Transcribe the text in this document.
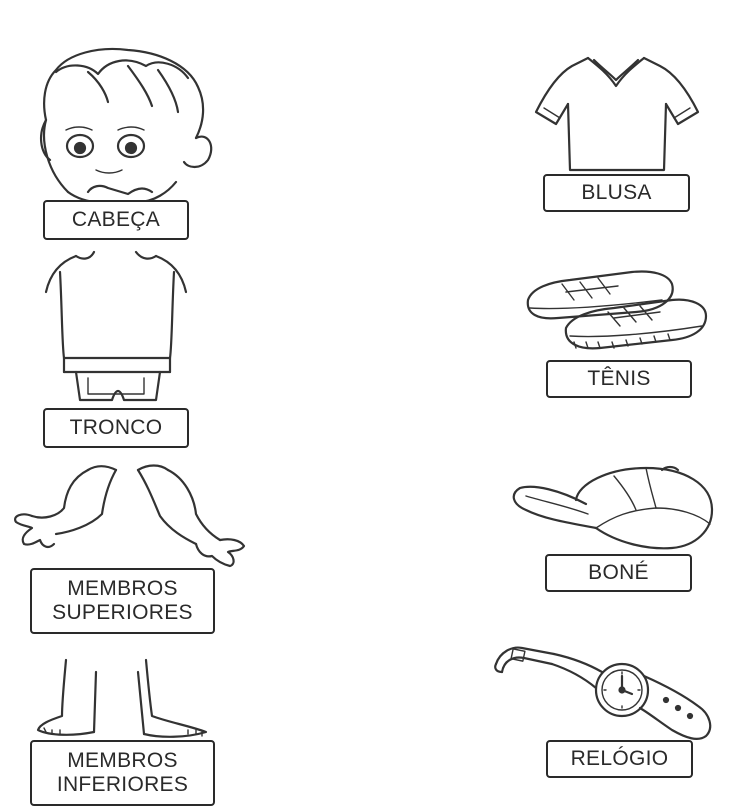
CABEÇA
TRONCO
MEMBROS
SUPERIORES
MEMBROS
INFERIORES
BLUSA
TÊNIS
BONÉ
RELÓGIO
